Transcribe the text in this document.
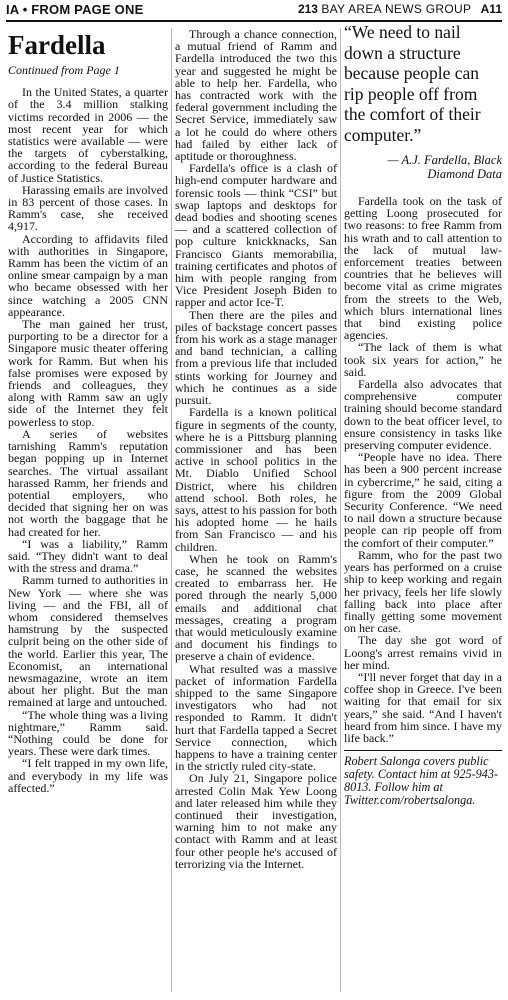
IA • FROM PAGE ONE	213 BAY AREA NEWS GROUP A11
Fardella
Continued from Page 1

In the United States, a quarter of the 3.4 million stalking victims recorded in 2006 — the most recent year for which statistics were available — were the targets of cyberstalking, according to the federal Bureau of Justice Statistics.

Harassing emails are involved in 83 percent of those cases. In Ramm's case, she received 4,917.

According to affidavits filed with authorities in Singapore, Ramm has been the victim of an online smear campaign by a man who became obsessed with her since watching a 2005 CNN appearance.

The man gained her trust, purporting to be a director for a Singapore music theater offering work for Ramm. But when his false promises were exposed by friends and colleagues, they along with Ramm saw an ugly side of the Internet they felt powerless to stop.

A series of websites tarnishing Ramm's reputation began popping up in Internet searches. The virtual assailant harassed Ramm, her friends and potential employers, who decided that signing her on was not worth the baggage that he had created for her.

“I was a liability,” Ramm said. “They didn't want to deal with the stress and drama.”

Ramm turned to authorities in New York — where she was living — and the FBI, all of whom considered themselves hamstrung by the suspected culprit being on the other side of the world. Earlier this year, The Economist, an international newsmagazine, wrote an item about her plight. But the man remained at large and untouched.

“The whole thing was a living nightmare,” Ramm said. “Nothing could be done for years. These were dark times.

“I felt trapped in my own life, and everybody in my life was affected.”

Through a chance connection, a mutual friend of Ramm and Fardella introduced the two this year and suggested he might be able to help her. Fardella, who has contracted work with the federal government including the Secret Service, immediately saw a lot he could do where others had failed by either lack of aptitude or thoroughness.

Fardella's office is a clash of high-end computer hardware and forensic tools — think “CSI” but swap laptops and desktops for dead bodies and shooting scenes — and a scattered collection of pop culture knickknacks, San Francisco Giants memorabilia, training certificates and photos of him with people ranging from Vice President Joseph Biden to rapper and actor Ice-T.

Then there are the piles and piles of backstage concert passes from his work as a stage manager and band technician, a calling from a previous life that included stints working for Journey and which he continues as a side pursuit.

Fardella is a known political figure in segments of the county, where he is a Pittsburg planning commissioner and has been active in school politics in the Mt. Diablo Unified School District, where his children attend school. Both roles, he says, attest to his passion for both his adopted home — he hails from San Francisco — and his children.

When he took on Ramm's case, he scanned the websites created to embarrass her. He pored through the nearly 5,000 emails and additional chat messages, creating a program that would meticulously examine and document his findings to preserve a chain of evidence.

What resulted was a massive packet of information Fardella shipped to the same Singapore investigators who had not responded to Ramm. It didn't hurt that Fardella tapped a Secret Service connection, which happens to have a training center in the strictly ruled city-state.

On July 21, Singapore police arrested Colin Mak Yew Loong and later released him while they continued their investigation, warning him to not make any contact with Ramm and at least four other people he's accused of terrorizing via the Internet.

“We need to nail down a structure because people can rip people off from the comfort of their computer.”
— A.J. Fardella, Black Diamond Data

Fardella took on the task of getting Loong prosecuted for two reasons: to free Ramm from his wrath and to call attention to the lack of mutual law-enforcement treaties between countries that he believes will become vital as crime migrates from the streets to the Web, which blurs international lines that bind existing police agencies.

“The lack of them is what took six years for action,” he said.

Fardella also advocates that comprehensive computer training should become standard down to the beat officer level, to ensure consistency in tasks like preserving computer evidence.

“People have no idea. There has been a 900 percent increase in cybercrime,” he said, citing a figure from the 2009 Global Security Conference. “We need to nail down a structure because people can rip people off from the comfort of their computer.”

Ramm, who for the past two years has performed on a cruise ship to keep working and regain her privacy, feels her life slowly falling back into place after finally getting some movement on her case.

The day she got word of Loong's arrest remains vivid in her mind.

“I'll never forget that day in a coffee shop in Greece. I've been waiting for that email for six years,” she said. “And I haven't heard from him since. I have my life back.”

Robert Salonga covers public safety. Contact him at 925-943-8013. Follow him at Twitter.com/robertsalonga.
